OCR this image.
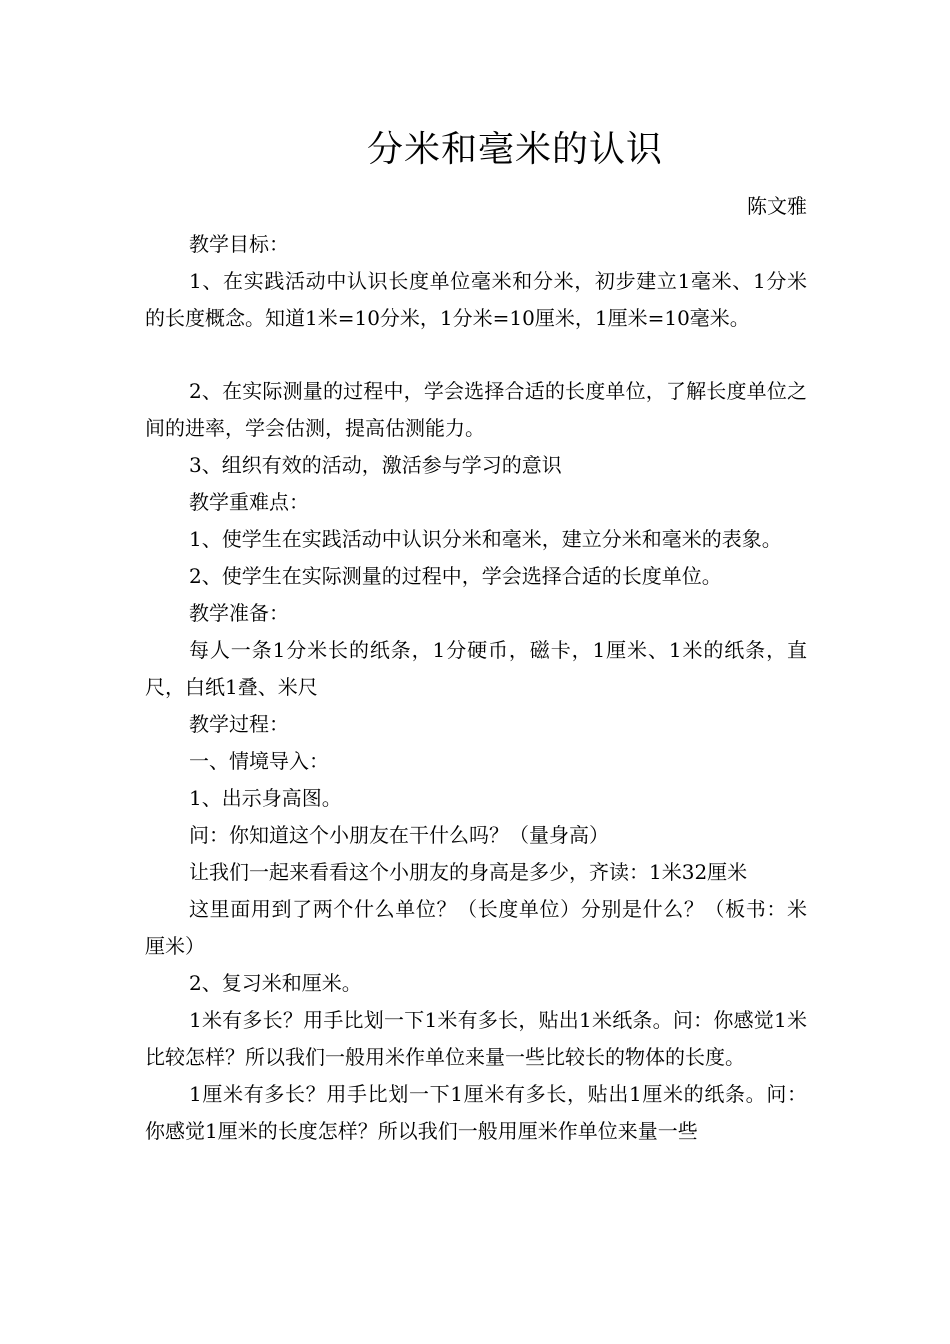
分米和毫米的认识
陈文雅

教学目标：

1、在实践活动中认识长度单位毫米和分米，初步建立1毫米、1分米的长度概念。知道1米=10分米，1分米=10厘米，1厘米=10毫米。

2、在实际测量的过程中，学会选择合适的长度单位，了解长度单位之间的进率，学会估测，提高估测能力。

3、组织有效的活动，激活参与学习的意识

教学重难点：

1、使学生在实践活动中认识分米和毫米，建立分米和毫米的表象。

2、使学生在实际测量的过程中，学会选择合适的长度单位。

教学准备：

每人一条1分米长的纸条，1分硬币，磁卡，1厘米、1米的纸条，直尺，白纸1叠、米尺

教学过程：

一、情境导入：

1、出示身高图。

问：你知道这个小朋友在干什么吗？（量身高）

让我们一起来看看这个小朋友的身高是多少，齐读：1米32厘米

这里面用到了两个什么单位？（长度单位）分别是什么？（板书：米 厘米）

2、复习米和厘米。

1米有多长？用手比划一下1米有多长，贴出1米纸条。问：你感觉1米比较怎样？所以我们一般用米作单位来量一些比较长的物体的长度。

1厘米有多长？用手比划一下1厘米有多长，贴出1厘米的纸条。问：你感觉1厘米的长度怎样？所以我们一般用厘米作单位来量一些
